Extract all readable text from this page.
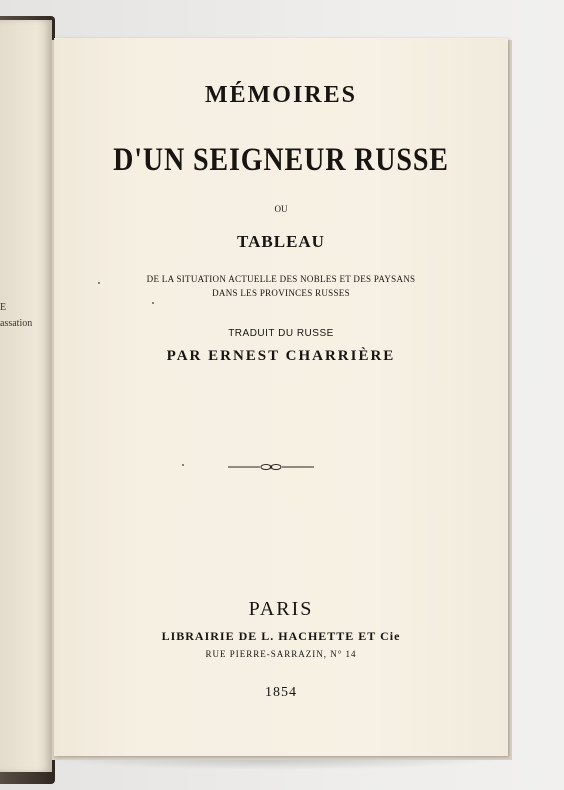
E
assation
MÉMOIRES
D'UN SEIGNEUR RUSSE
OU
TABLEAU
DE LA SITUATION ACTUELLE DES NOBLES ET DES PAYSANS
DANS LES PROVINCES RUSSES
TRADUIT DU RUSSE
PAR ERNEST CHARRIÈRE
PARIS
LIBRAIRIE DE L. HACHETTE ET Cie
RUE PIERRE-SARRAZIN, N° 14
1854
